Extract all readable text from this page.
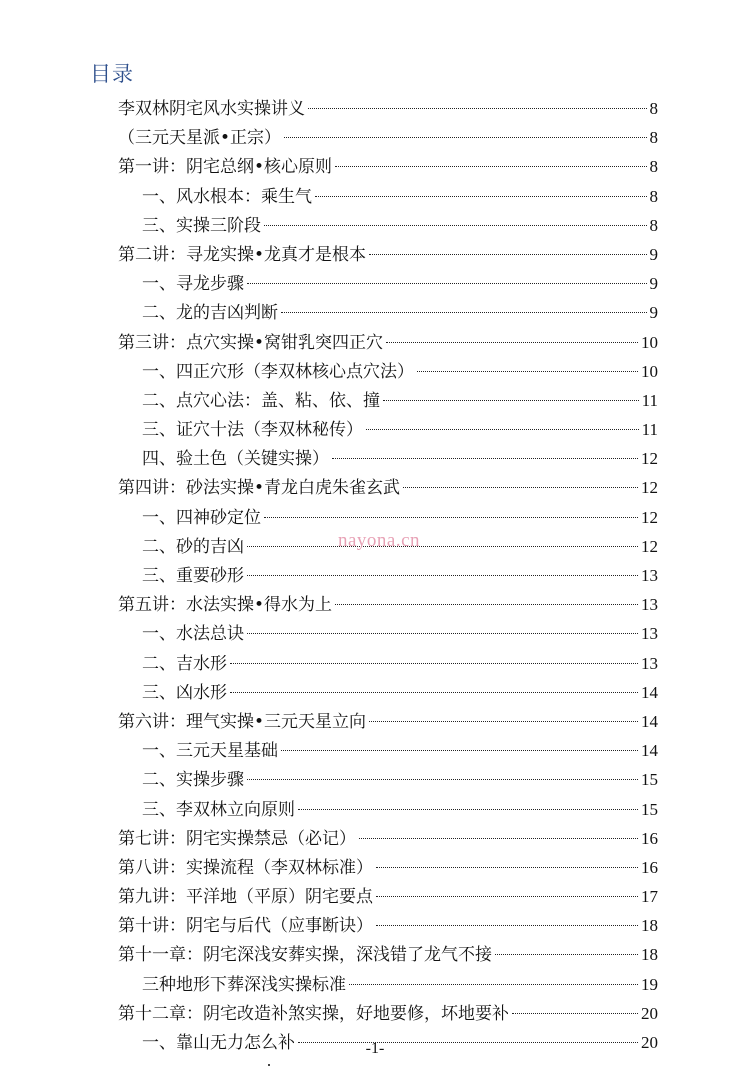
目录
李双林阴宅风水实操讲义	8
（三元天星派•正宗）	8
第一讲：阴宅总纲•核心原则	8
一、风水根本：乘生气	8
三、实操三阶段	8
第二讲：寻龙实操•龙真才是根本	9
一、寻龙步骤	9
二、龙的吉凶判断	9
第三讲：点穴实操•窝钳乳突四正穴	10
一、四正穴形（李双林核心点穴法）	10
二、点穴心法：盖、粘、依、撞	11
三、证穴十法（李双林秘传）	11
四、验土色（关键实操）	12
第四讲：砂法实操•青龙白虎朱雀玄武	12
一、四神砂定位	12
二、砂的吉凶	12
三、重要砂形	13
第五讲：水法实操•得水为上	13
一、水法总诀	13
二、吉水形	13
三、凶水形	14
第六讲：理气实操•三元天星立向	14
一、三元天星基础	14
二、实操步骤	15
三、李双林立向原则	15
第七讲：阴宅实操禁忌（必记）	16
第八讲：实操流程（李双林标准）	16
第九讲：平洋地（平原）阴宅要点	17
第十讲：阴宅与后代（应事断诀）	18
第十一章：阴宅深浅安葬实操，深浅错了龙气不接	18
三种地形下葬深浅实操标准	19
第十二章：阴宅改造补煞实操，好地要修，坏地要补	20
一、靠山无力怎么补	20
nayona.cn
-1-
